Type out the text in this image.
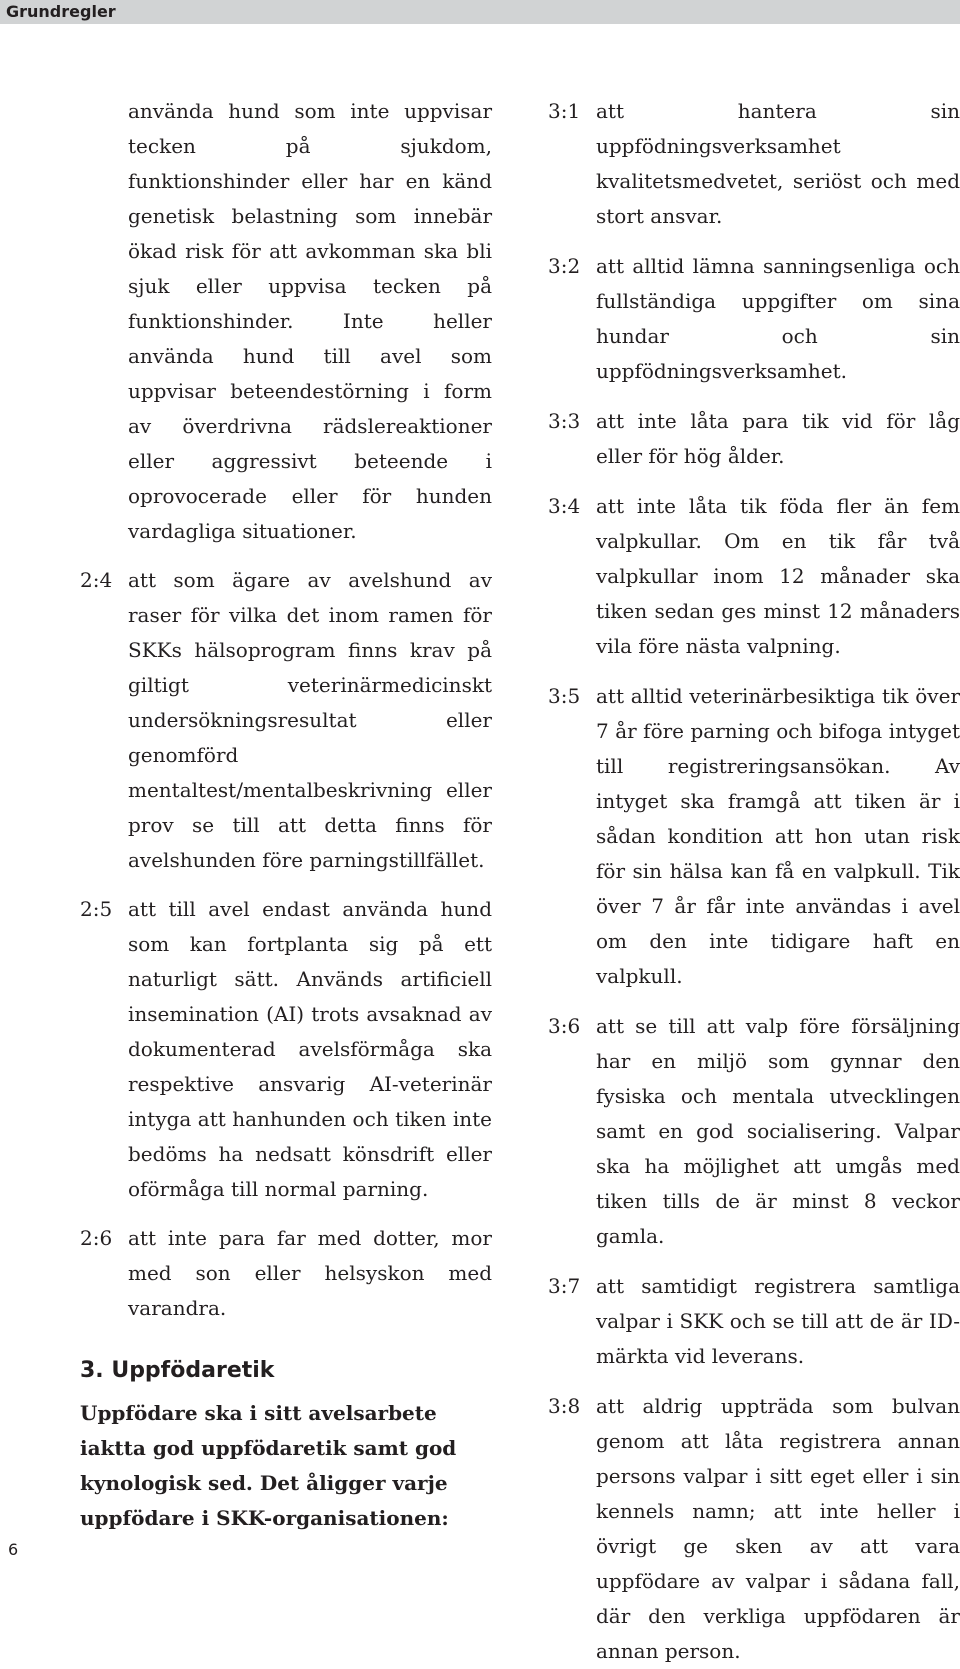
Grundregler
använda hund som inte uppvisar tecken på sjukdom, funktionshinder eller har en känd genetisk belastning som innebär ökad risk för att avkomman ska bli sjuk eller uppvisa tecken på funktionshinder. Inte heller använda hund till avel som uppvisar beteendestörning i form av överdrivna rädslereaktioner eller aggressivt beteende i oprovocerade eller för hunden vardagliga situationer.
2:4 att som ägare av avelshund av raser för vilka det inom ramen för SKKs hälsoprogram finns krav på giltigt veterinärmedicinskt undersökningsresultat eller genomförd mentaltest/mentalbeskrivning eller prov se till att detta finns för avelshunden före parningstillfället.
2:5 att till avel endast använda hund som kan fortplanta sig på ett naturligt sätt. Används artificiell insemination (AI) trots avsaknad av dokumenterad avelsförmåga ska respektive ansvarig AI-veterinär intyga att hanhunden och tiken inte bedöms ha nedsatt könsdrift eller oförmåga till normal parning.
2:6 att inte para far med dotter, mor med son eller helsyskon med varandra.
3. Uppfödaretik

Uppfödare ska i sitt avelsarbete iaktta god uppfödaretik samt god kynologisk sed. Det åligger varje uppfödare i SKK-organisationen:

3:1 att hantera sin uppfödningsverksamhet kvalitetsmedvetet, seriöst och med stort ansvar.
3:2 att alltid lämna sanningsenliga och fullständiga uppgifter om sina hundar och sin uppfödningsverksamhet.
3:3 att inte låta para tik vid för låg eller för hög ålder.
3:4 att inte låta tik föda fler än fem valpkullar. Om en tik får två valpkullar inom 12 månader ska tiken sedan ges minst 12 månaders vila före nästa valpning.
3:5 att alltid veterinärbesiktiga tik över 7 år före parning och bifoga intyget till registreringsansökan. Av intyget ska framgå att tiken är i sådan kondition att hon utan risk för sin hälsa kan få en valpkull. Tik över 7 år får inte användas i avel om den inte tidigare haft en valpkull.
3:6 att se till att valp före försäljning har en miljö som gynnar den fysiska och mentala utvecklingen samt en god socialisering. Valpar ska ha möjlighet att umgås med tiken tills de är minst 8 veckor gamla.
3:7 att samtidigt registrera samtliga valpar i SKK och se till att de är ID-märkta vid leverans.
3:8 att aldrig uppträda som bulvan genom att låta registrera annan persons valpar i sitt eget eller i sin kennels namn; att inte heller i övrigt ge sken av att vara uppfödare av valpar i sådana fall, där den verkliga uppfödaren är annan person.
6
